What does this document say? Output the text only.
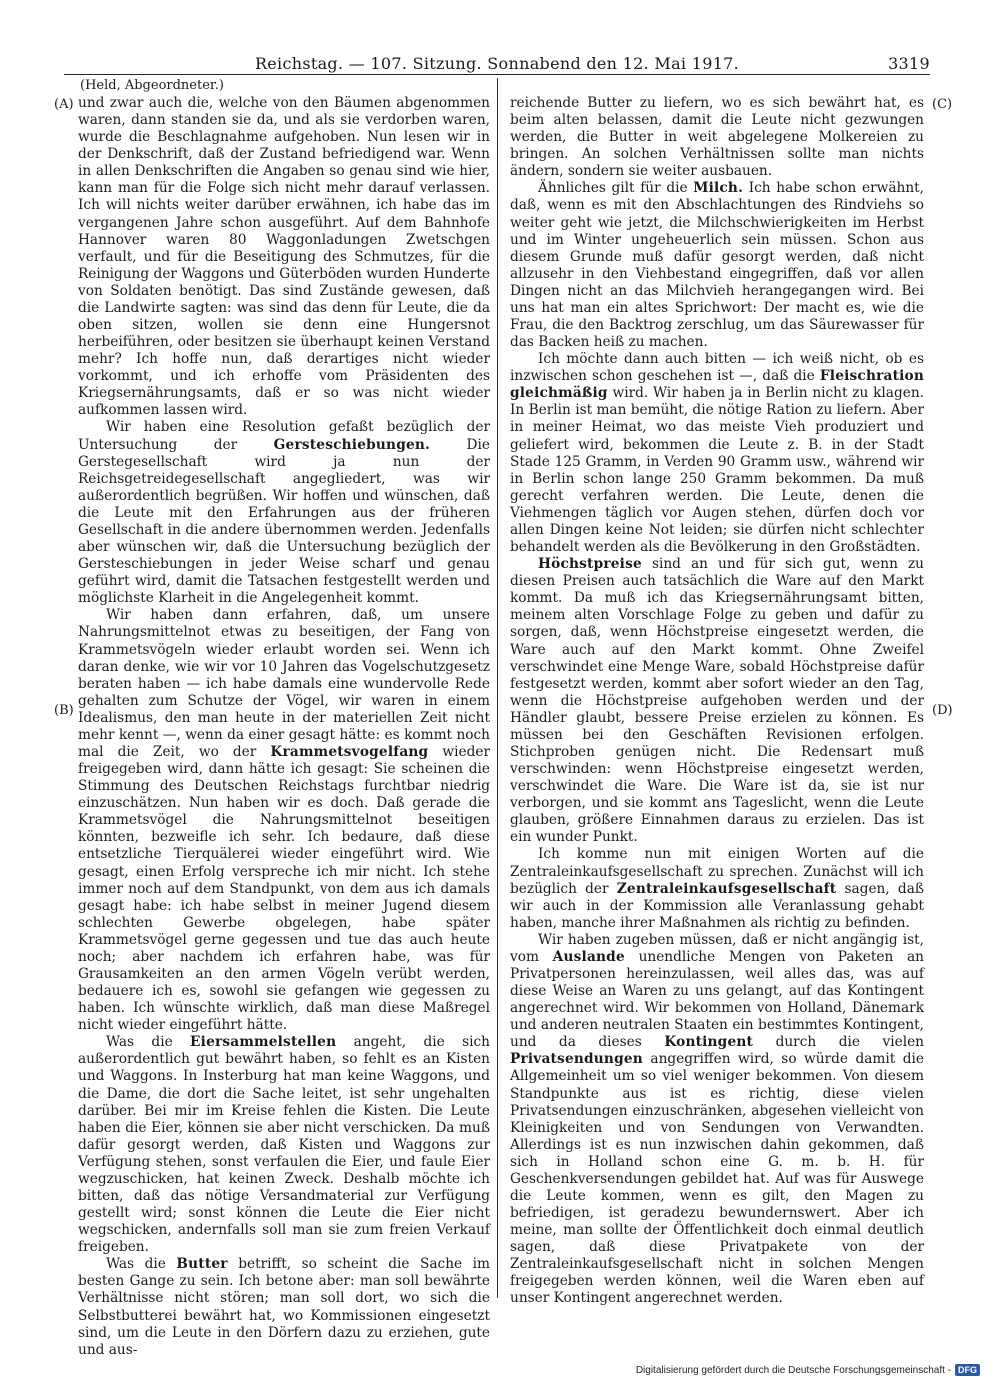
Reichstag. — 107. Sitzung. Sonnabend den 12. Mai 1917.	3319
(Held, Abgeordneter.)
(A)
(B)
(C)
(D)

und zwar auch die, welche von den Bäumen abgenommen waren, dann standen sie da, und als sie verdorben waren, wurde die Beschlagnahme aufgehoben. Nun lesen wir in der Denkschrift, daß der Zustand befriedigend war. Wenn in allen Denkschriften die Angaben so genau sind wie hier, kann man für die Folge sich nicht mehr darauf verlassen. Ich will nichts weiter darüber erwähnen, ich habe das im vergangenen Jahre schon ausgeführt. Auf dem Bahnhofe Hannover waren 80 Waggonladungen Zwetschgen verfault, und für die Beseitigung des Schmutzes, für die Reinigung der Waggons und Güterböden wurden Hunderte von Soldaten benötigt. Das sind Zustände gewesen, daß die Landwirte sagten: was sind das denn für Leute, die da oben sitzen, wollen sie denn eine Hungersnot herbeiführen, oder besitzen sie überhaupt keinen Verstand mehr? Ich hoffe nun, daß derartiges nicht wieder vorkommt, und ich erhoffe vom Präsidenten des Kriegsernährungsamts, daß er so was nicht wieder aufkommen lassen wird.

Wir haben eine Resolution gefaßt bezüglich der Untersuchung der Gersteschiebungen. Die Gerstegesellschaft wird ja nun der Reichsgetreidegesellschaft angegliedert, was wir außerordentlich begrüßen. Wir hoffen und wünschen, daß die Leute mit den Erfahrungen aus der früheren Gesellschaft in die andere übernommen werden. Jedenfalls aber wünschen wir, daß die Untersuchung bezüglich der Gersteschiebungen in jeder Weise scharf und genau geführt wird, damit die Tatsachen festgestellt werden und möglichste Klarheit in die Angelegenheit kommt.

Wir haben dann erfahren, daß, um unsere Nahrungsmittelnot etwas zu beseitigen, der Fang von Krammetsvögeln wieder erlaubt worden sei. Wenn ich daran denke, wie wir vor 10 Jahren das Vogelschutzgesetz beraten haben — ich habe damals eine wundervolle Rede gehalten zum Schutze der Vögel, wir waren in einem Idealismus, den man heute in der materiellen Zeit nicht mehr kennt —, wenn da einer gesagt hätte: es kommt noch mal die Zeit, wo der Krammetsvogelfang wieder freigegeben wird, dann hätte ich gesagt: Sie scheinen die Stimmung des Deutschen Reichstags furchtbar niedrig einzuschätzen. Nun haben wir es doch. Daß gerade die Krammetsvögel die Nahrungsmittelnot beseitigen könnten, bezweifle ich sehr. Ich bedaure, daß diese entsetzliche Tierquälerei wieder eingeführt wird. Wie gesagt, einen Erfolg verspreche ich mir nicht. Ich stehe immer noch auf dem Standpunkt, von dem aus ich damals gesagt habe: ich habe selbst in meiner Jugend diesem schlechten Gewerbe obgelegen, habe später Krammetsvögel gerne gegessen und tue das auch heute noch; aber nachdem ich erfahren habe, was für Grausamkeiten an den armen Vögeln verübt werden, bedauere ich es, sowohl sie gefangen wie gegessen zu haben. Ich wünschte wirklich, daß man diese Maßregel nicht wieder eingeführt hätte.

Was die Eiersammelstellen angeht, die sich außerordentlich gut bewährt haben, so fehlt es an Kisten und Waggons. In Insterburg hat man keine Waggons, und die Dame, die dort die Sache leitet, ist sehr ungehalten darüber. Bei mir im Kreise fehlen die Kisten. Die Leute haben die Eier, können sie aber nicht verschicken. Da muß dafür gesorgt werden, daß Kisten und Waggons zur Verfügung stehen, sonst verfaulen die Eier, und faule Eier wegzuschicken, hat keinen Zweck. Deshalb möchte ich bitten, daß das nötige Versandmaterial zur Verfügung gestellt wird; sonst können die Leute die Eier nicht wegschicken, andernfalls soll man sie zum freien Verkauf freigeben.

Was die Butter betrifft, so scheint die Sache im besten Gange zu sein. Ich betone aber: man soll bewährte Verhältnisse nicht stören; man soll dort, wo sich die Selbstbutterei bewährt hat, wo Kommissionen eingesetzt sind, um die Leute in den Dörfern dazu zu erziehen, gute und aus-

reichende Butter zu liefern, wo es sich bewährt hat, es beim alten belassen, damit die Leute nicht gezwungen werden, die Butter in weit abgelegene Molkereien zu bringen. An solchen Verhältnissen sollte man nichts ändern, sondern sie weiter ausbauen.

Ähnliches gilt für die Milch. Ich habe schon erwähnt, daß, wenn es mit den Abschlachtungen des Rindviehs so weiter geht wie jetzt, die Milchschwierigkeiten im Herbst und im Winter ungeheuerlich sein müssen. Schon aus diesem Grunde muß dafür gesorgt werden, daß nicht allzusehr in den Viehbestand eingegriffen, daß vor allen Dingen nicht an das Milchvieh herangegangen wird. Bei uns hat man ein altes Sprichwort: Der macht es, wie die Frau, die den Backtrog zerschlug, um das Säurewasser für das Backen heiß zu machen.

Ich möchte dann auch bitten — ich weiß nicht, ob es inzwischen schon geschehen ist —, daß die Fleischration gleichmäßig wird. Wir haben ja in Berlin nicht zu klagen. In Berlin ist man bemüht, die nötige Ration zu liefern. Aber in meiner Heimat, wo das meiste Vieh produziert und geliefert wird, bekommen die Leute z. B. in der Stadt Stade 125 Gramm, in Verden 90 Gramm usw., während wir in Berlin schon lange 250 Gramm bekommen. Da muß gerecht verfahren werden. Die Leute, denen die Viehmengen täglich vor Augen stehen, dürfen doch vor allen Dingen keine Not leiden; sie dürfen nicht schlechter behandelt werden als die Bevölkerung in den Großstädten.

Höchstpreise sind an und für sich gut, wenn zu diesen Preisen auch tatsächlich die Ware auf den Markt kommt. Da muß ich das Kriegsernährungsamt bitten, meinem alten Vorschlage Folge zu geben und dafür zu sorgen, daß, wenn Höchstpreise eingesetzt werden, die Ware auch auf den Markt kommt. Ohne Zweifel verschwindet eine Menge Ware, sobald Höchstpreise dafür festgesetzt werden, kommt aber sofort wieder an den Tag, wenn die Höchstpreise aufgehoben werden und der Händler glaubt, bessere Preise erzielen zu können. Es müssen bei den Geschäften Revisionen erfolgen. Stichproben genügen nicht. Die Redensart muß verschwinden: wenn Höchstpreise eingesetzt werden, verschwindet die Ware. Die Ware ist da, sie ist nur verborgen, und sie kommt ans Tageslicht, wenn die Leute glauben, größere Einnahmen daraus zu erzielen. Das ist ein wunder Punkt.

Ich komme nun mit einigen Worten auf die Zentraleinkaufsgesellschaft zu sprechen. Zunächst will ich bezüglich der Zentraleinkaufsgesellschaft sagen, daß wir auch in der Kommission alle Veranlassung gehabt haben, manche ihrer Maßnahmen als richtig zu befinden.

Wir haben zugeben müssen, daß er nicht angängig ist, vom Auslande unendliche Mengen von Paketen an Privatpersonen hereinzulassen, weil alles das, was auf diese Weise an Waren zu uns gelangt, auf das Kontingent angerechnet wird. Wir bekommen von Holland, Dänemark und anderen neutralen Staaten ein bestimmtes Kontingent, und da dieses Kontingent durch die vielen Privatsendungen angegriffen wird, so würde damit die Allgemeinheit um so viel weniger bekommen. Von diesem Standpunkte aus ist es richtig, diese vielen Privatsendungen einzuschränken, abgesehen vielleicht von Kleinigkeiten und von Sendungen von Verwandten. Allerdings ist es nun inzwischen dahin gekommen, daß sich in Holland schon eine G. m. b. H. für Geschenkversendungen gebildet hat. Auf was für Auswege die Leute kommen, wenn es gilt, den Magen zu befriedigen, ist geradezu bewundernswert. Aber ich meine, man sollte der Öffentlichkeit doch einmal deutlich sagen, daß diese Privatpakete von der Zentraleinkaufsgesellschaft nicht in solchen Mengen freigegeben werden können, weil die Waren eben auf unser Kontingent angerechnet werden.

Digitalisierung gefördert durch die Deutsche Forschungsgemeinschaft - DFG
